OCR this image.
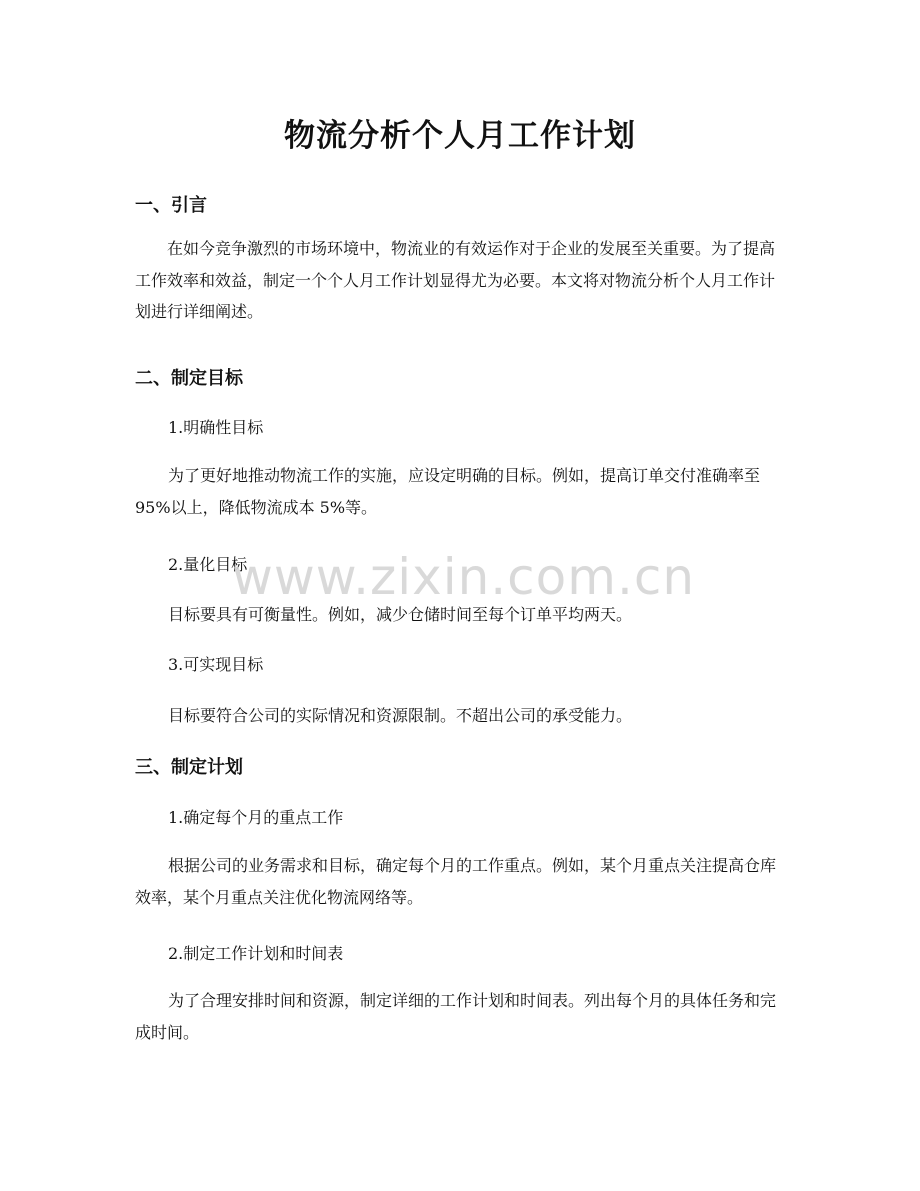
物流分析个人月工作计划
一、引言

在如今竞争激烈的市场环境中，物流业的有效运作对于企业的发展至关重要。为了提高工作效率和效益，制定一个个人月工作计划显得尤为必要。本文将对物流分析个人月工作计划进行详细阐述。

二、制定目标

1.明确性目标

为了更好地推动物流工作的实施，应设定明确的目标。例如，提高订单交付准确率至 95%以上，降低物流成本 5%等。

2.量化目标

目标要具有可衡量性。例如，减少仓储时间至每个订单平均两天。

3.可实现目标

目标要符合公司的实际情况和资源限制。不超出公司的承受能力。

三、制定计划

1.确定每个月的重点工作

根据公司的业务需求和目标，确定每个月的工作重点。例如，某个月重点关注提高仓库效率，某个月重点关注优化物流网络等。

2.制定工作计划和时间表

为了合理安排时间和资源，制定详细的工作计划和时间表。列出每个月的具体任务和完成时间。

www.zixin.com.cn
